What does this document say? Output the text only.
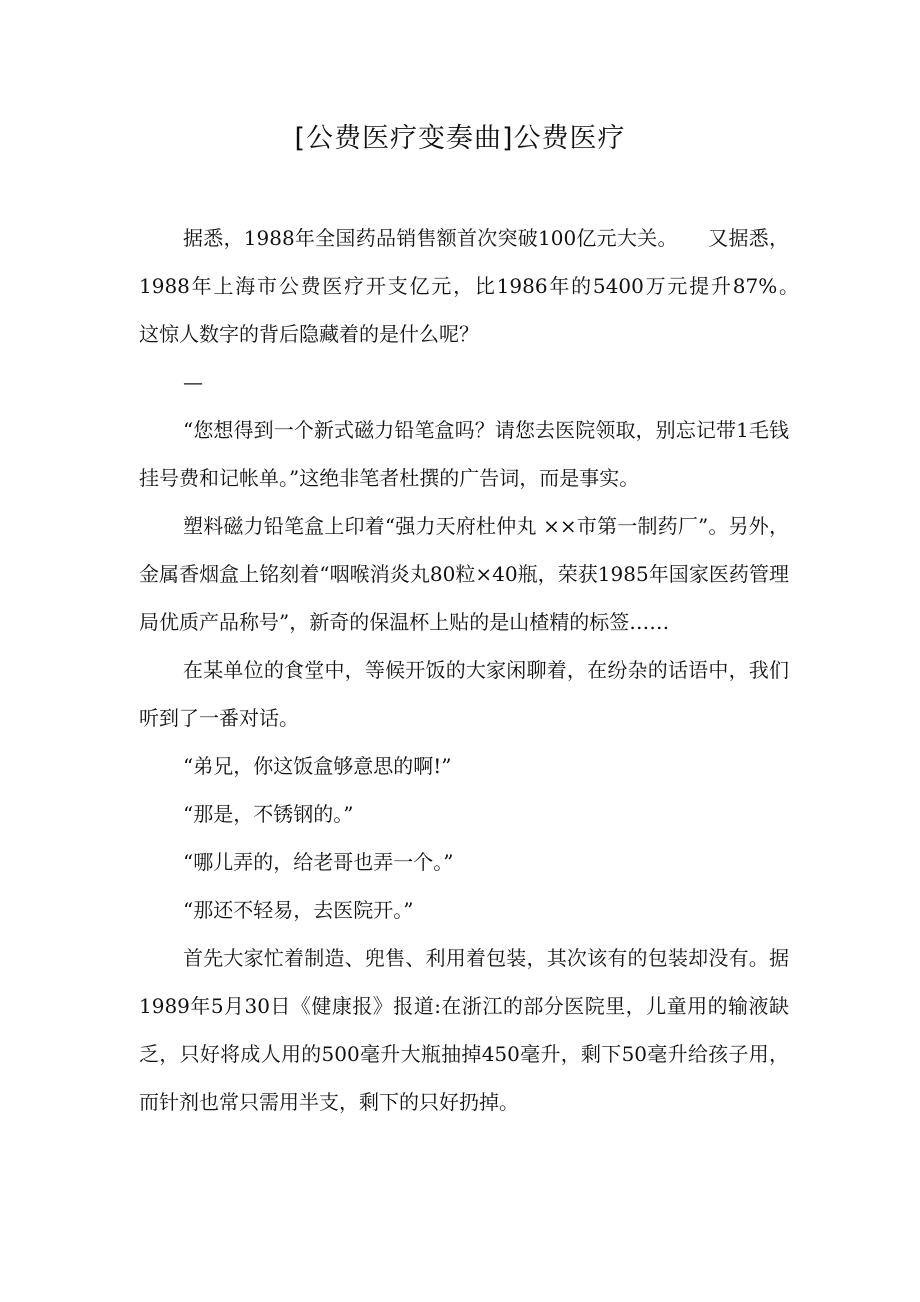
[公费医疗变奏曲]公费医疗

据悉，1988年全国药品销售额首次突破100亿元大关。　　又据悉，1988年上海市公费医疗开支亿元，比1986年的5400万元提升87%。　　这惊人数字的背后隐藏着的是什么呢？

—

“您想得到一个新式磁力铅笔盒吗？请您去医院领取，别忘记带1毛钱挂号费和记帐单。”这绝非笔者杜撰的广告词，而是事实。

塑料磁力铅笔盒上印着“强力天府杜仲丸 ××市第一制药厂”。另外，金属香烟盒上铭刻着“咽喉消炎丸80粒×40瓶，荣获1985年国家医药管理局优质产品称号”，新奇的保温杯上贴的是山楂精的标签……

在某单位的食堂中，等候开饭的大家闲聊着，在纷杂的话语中，我们听到了一番对话。

“弟兄，你这饭盒够意思的啊!”

“那是，不锈钢的。”

“哪儿弄的，给老哥也弄一个。”

“那还不轻易，去医院开。”

首先大家忙着制造、兜售、利用着包装，其次该有的包装却没有。据1989年5月30日《健康报》报道:在浙江的部分医院里，儿童用的输液缺乏，只好将成人用的500毫升大瓶抽掉450毫升，剩下50毫升给孩子用，而针剂也常只需用半支，剩下的只好扔掉。
